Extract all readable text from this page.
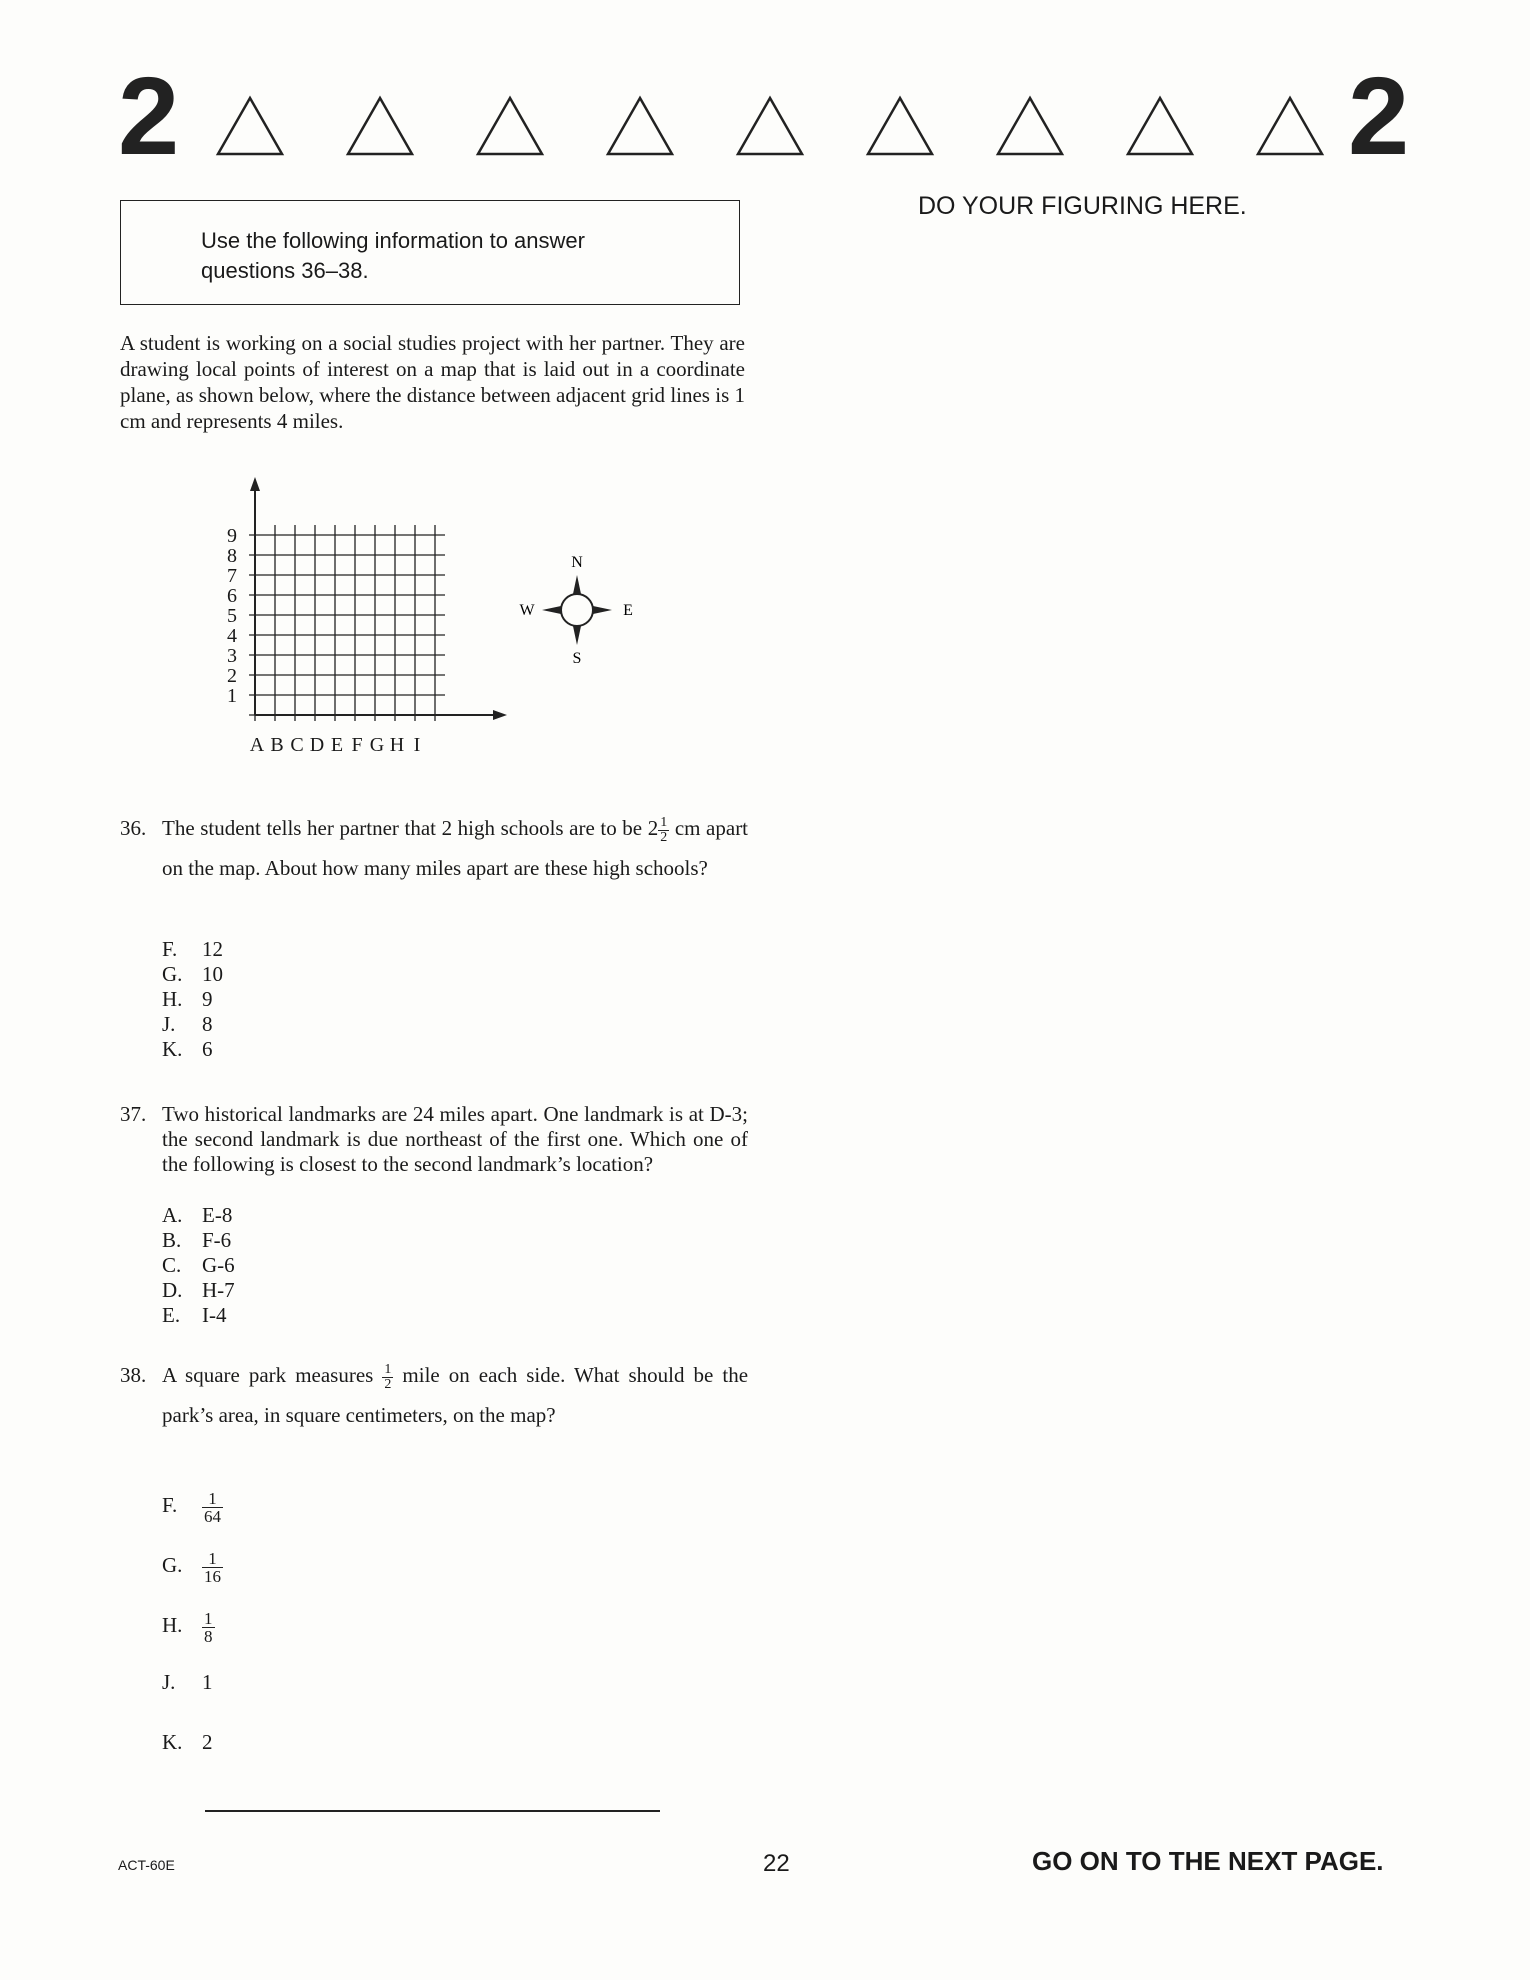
2	2
DO YOUR FIGURING HERE.
Use the following information to answer questions 36–38.
A student is working on a social studies project with her partner. They are drawing local points of interest on a map that is laid out in a coordinate plane, as shown below, where the distance between adjacent grid lines is 1 cm and represents 4 miles.
1
2
3
4
5
6
7
8
9
A B C D E F G H I
N
S
W	E
36. The student tells her partner that 2 high schools are to be $2 \frac{1}{2}$ cm apart on the map. About how many miles apart are these high schools?
F. 12
G. 10
H. 9
J. 8
K. 6
37. Two historical landmarks are 24 miles apart. One landmark is at D-3; the second landmark is due northeast of the first one. Which one of the following is closest to the second landmark’s location?
A. E-8
B. F-6
C. G-6
D. H-7
E. I-4
38. A square park measures $\frac{1}{2}$ mile on each side. What should be the park’s area, in square centimeters, on the map?
F. $\frac{1}{64}$
G. $\frac{1}{16}$
H. $\frac{1}{8}$
J. 1
K. 2
ACT-60E	22	GO ON TO THE NEXT PAGE.
